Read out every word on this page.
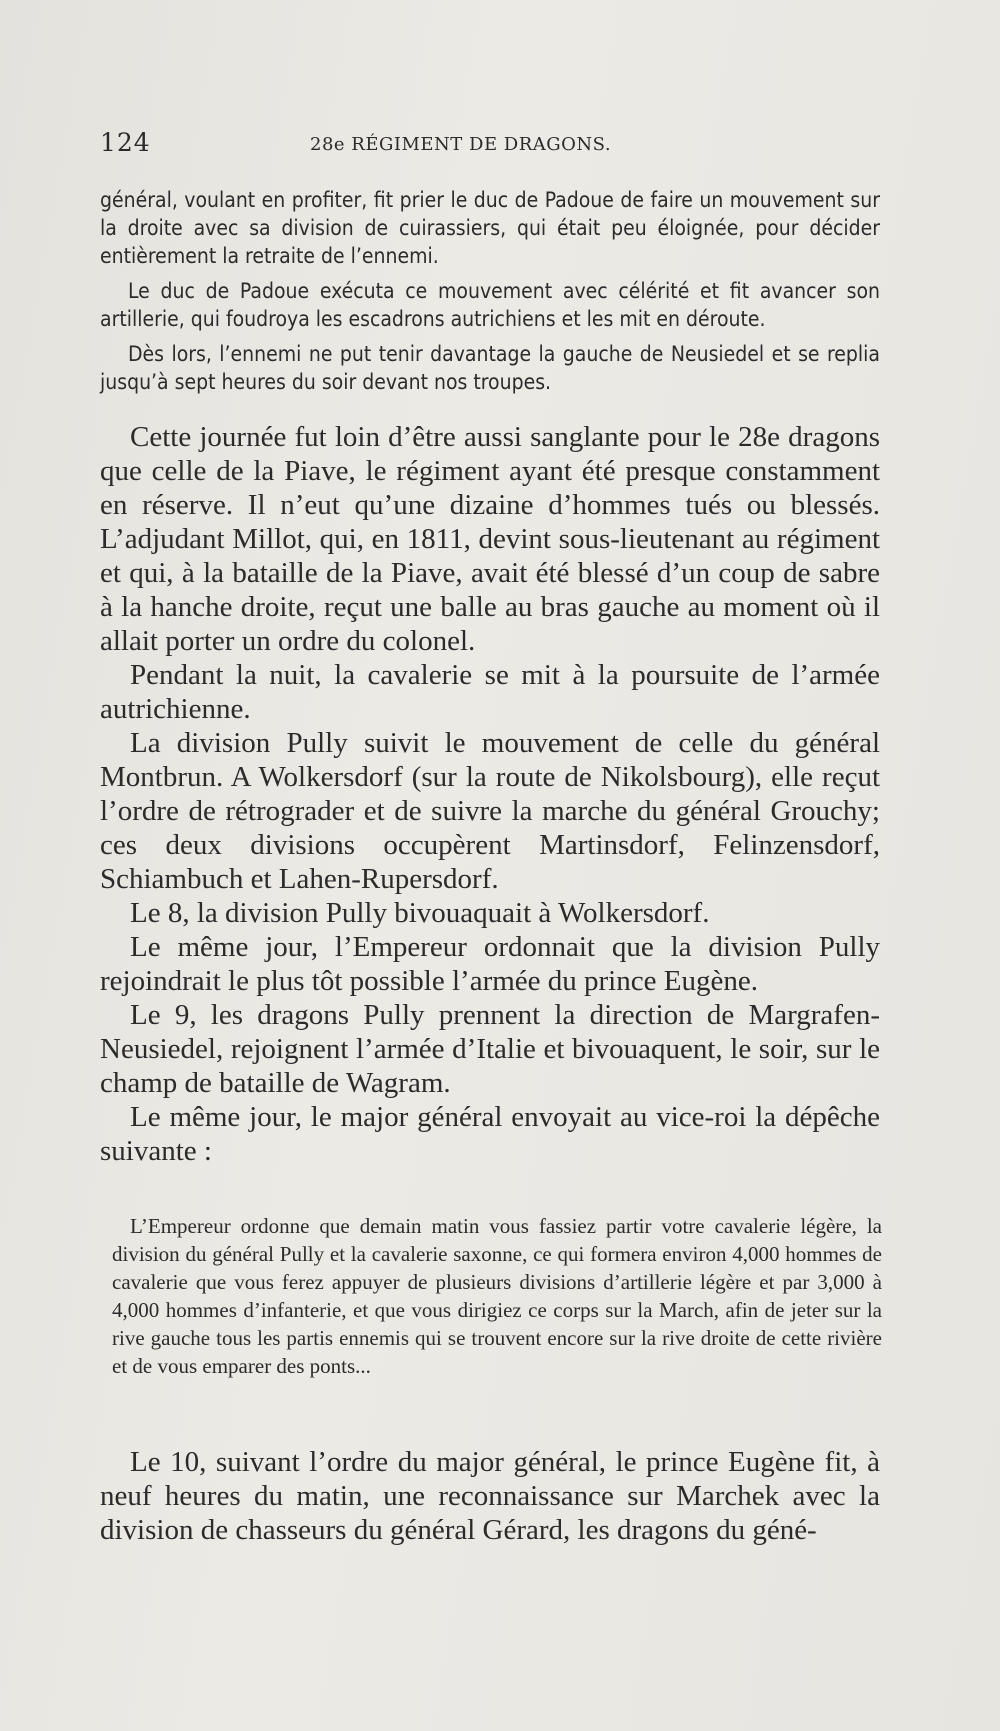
124	28e RÉGIMENT DE DRAGONS.

général, voulant en profiter, fit prier le duc de Padoue de faire un mouvement sur la droite avec sa division de cuirassiers, qui était peu éloignée, pour décider entièrement la retraite de l’ennemi.

Le duc de Padoue exécuta ce mouvement avec célérité et fit avancer son artillerie, qui foudroya les escadrons autrichiens et les mit en déroute.

Dès lors, l’ennemi ne put tenir davantage la gauche de Neusiedel et se replia jusqu’à sept heures du soir devant nos troupes.

Cette journée fut loin d’être aussi sanglante pour le 28e dragons que celle de la Piave, le régiment ayant été presque constamment en réserve. Il n’eut qu’une dizaine d’hommes tués ou blessés. L’adjudant Millot, qui, en 1811, devint sous-lieutenant au régiment et qui, à la bataille de la Piave, avait été blessé d’un coup de sabre à la hanche droite, reçut une balle au bras gauche au moment où il allait porter un ordre du colonel.

Pendant la nuit, la cavalerie se mit à la poursuite de l’armée autrichienne.

La division Pully suivit le mouvement de celle du général Montbrun. A Wolkersdorf (sur la route de Nikolsbourg), elle reçut l’ordre de rétrograder et de suivre la marche du général Grouchy; ces deux divisions occupèrent Martinsdorf, Felinzensdorf, Schiambuch et Lahen-Rupersdorf.

Le 8, la division Pully bivouaquait à Wolkersdorf.

Le même jour, l’Empereur ordonnait que la division Pully rejoindrait le plus tôt possible l’armée du prince Eugène.

Le 9, les dragons Pully prennent la direction de Margrafen-Neusiedel, rejoignent l’armée d’Italie et bivouaquent, le soir, sur le champ de bataille de Wagram.

Le même jour, le major général envoyait au vice-roi la dépêche suivante :

L’Empereur ordonne que demain matin vous fassiez partir votre cavalerie légère, la division du général Pully et la cavalerie saxonne, ce qui formera environ 4,000 hommes de cavalerie que vous ferez appuyer de plusieurs divisions d’artillerie légère et par 3,000 à 4,000 hommes d’infanterie, et que vous dirigiez ce corps sur la March, afin de jeter sur la rive gauche tous les partis ennemis qui se trouvent encore sur la rive droite de cette rivière et de vous emparer des ponts...

Le 10, suivant l’ordre du major général, le prince Eugène fit, à neuf heures du matin, une reconnaissance sur Marchek avec la division de chasseurs du général Gérard, les dragons du géné-
